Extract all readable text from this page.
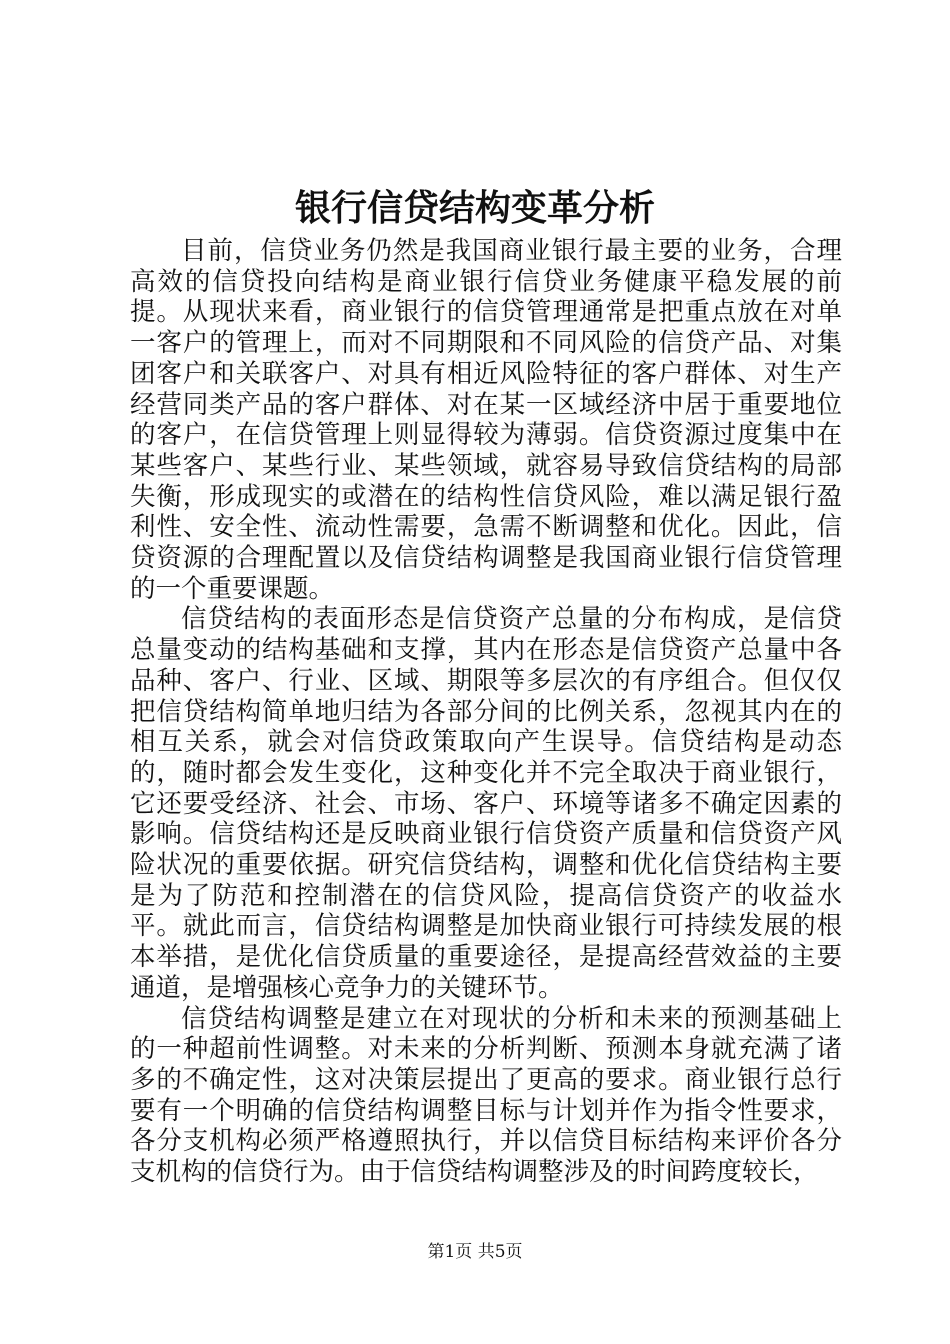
银行信贷结构变革分析

目前，信贷业务仍然是我国商业银行最主要的业务，合理高效的信贷投向结构是商业银行信贷业务健康平稳发展的前提。从现状来看，商业银行的信贷管理通常是把重点放在对单一客户的管理上，而对不同期限和不同风险的信贷产品、对集团客户和关联客户、对具有相近风险特征的客户群体、对生产经营同类产品的客户群体、对在某一区域经济中居于重要地位的客户，在信贷管理上则显得较为薄弱。信贷资源过度集中在某些客户、某些行业、某些领域，就容易导致信贷结构的局部失衡，形成现实的或潜在的结构性信贷风险，难以满足银行盈利性、安全性、流动性需要，急需不断调整和优化。因此，信贷资源的合理配置以及信贷结构调整是我国商业银行信贷管理的一个重要课题。

信贷结构的表面形态是信贷资产总量的分布构成，是信贷总量变动的结构基础和支撑，其内在形态是信贷资产总量中各品种、客户、行业、区域、期限等多层次的有序组合。但仅仅把信贷结构简单地归结为各部分间的比例关系，忽视其内在的相互关系，就会对信贷政策取向产生误导。信贷结构是动态的，随时都会发生变化，这种变化并不完全取决于商业银行，它还要受经济、社会、市场、客户、环境等诸多不确定因素的影响。信贷结构还是反映商业银行信贷资产质量和信贷资产风险状况的重要依据。研究信贷结构，调整和优化信贷结构主要是为了防范和控制潜在的信贷风险，提高信贷资产的收益水平。就此而言，信贷结构调整是加快商业银行可持续发展的根本举措，是优化信贷质量的重要途径，是提高经营效益的主要通道，是增强核心竞争力的关键环节。

信贷结构调整是建立在对现状的分析和未来的预测基础上的一种超前性调整。对未来的分析判断、预测本身就充满了诸多的不确定性，这对决策层提出了更高的要求。商业银行总行要有一个明确的信贷结构调整目标与计划并作为指令性要求，各分支机构必须严格遵照执行，并以信贷目标结构来评价各分支机构的信贷行为。由于信贷结构调整涉及的时间跨度较长，

第1页 共5页
